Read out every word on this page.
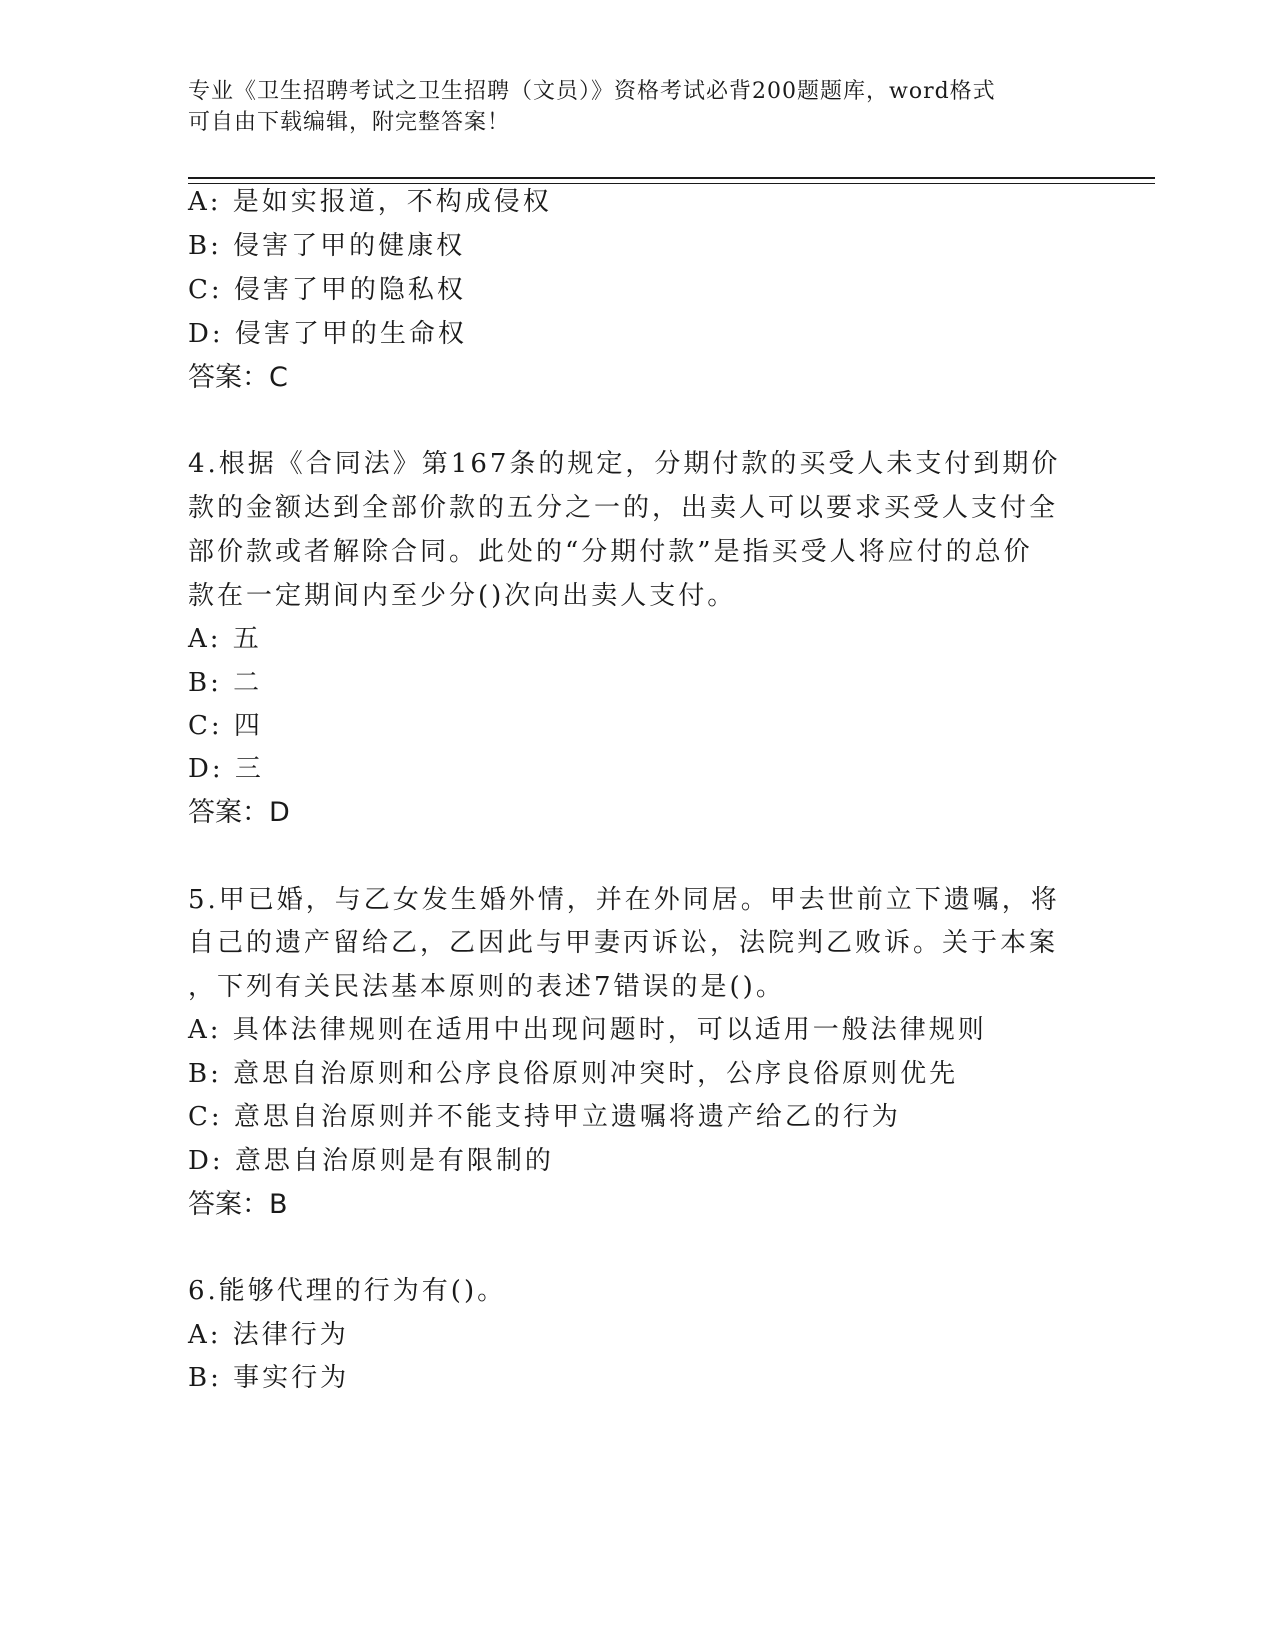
专业《卫生招聘考试之卫生招聘（文员）》资格考试必背200题题库，word格式
可自由下载编辑，附完整答案！
A: 是如实报道，不构成侵权
B: 侵害了甲的健康权
C: 侵害了甲的隐私权
D: 侵害了甲的生命权
答案：C
4.根据《合同法》第167条的规定，分期付款的买受人未支付到期价
款的金额达到全部价款的五分之一的，出卖人可以要求买受人支付全
部价款或者解除合同。此处的“分期付款”是指买受人将应付的总价
款在一定期间内至少分()次向出卖人支付。
A: 五
B: 二
C: 四
D: 三
答案：D
5.甲已婚，与乙女发生婚外情，并在外同居。甲去世前立下遗嘱，将
自己的遗产留给乙，乙因此与甲妻丙诉讼，法院判乙败诉。关于本案
，下列有关民法基本原则的表述7错误的是()。
A: 具体法律规则在适用中出现问题时，可以适用一般法律规则
B: 意思自治原则和公序良俗原则冲突时，公序良俗原则优先
C: 意思自治原则并不能支持甲立遗嘱将遗产给乙的行为
D: 意思自治原则是有限制的
答案：B
6.能够代理的行为有()。
A: 法律行为
B: 事实行为
